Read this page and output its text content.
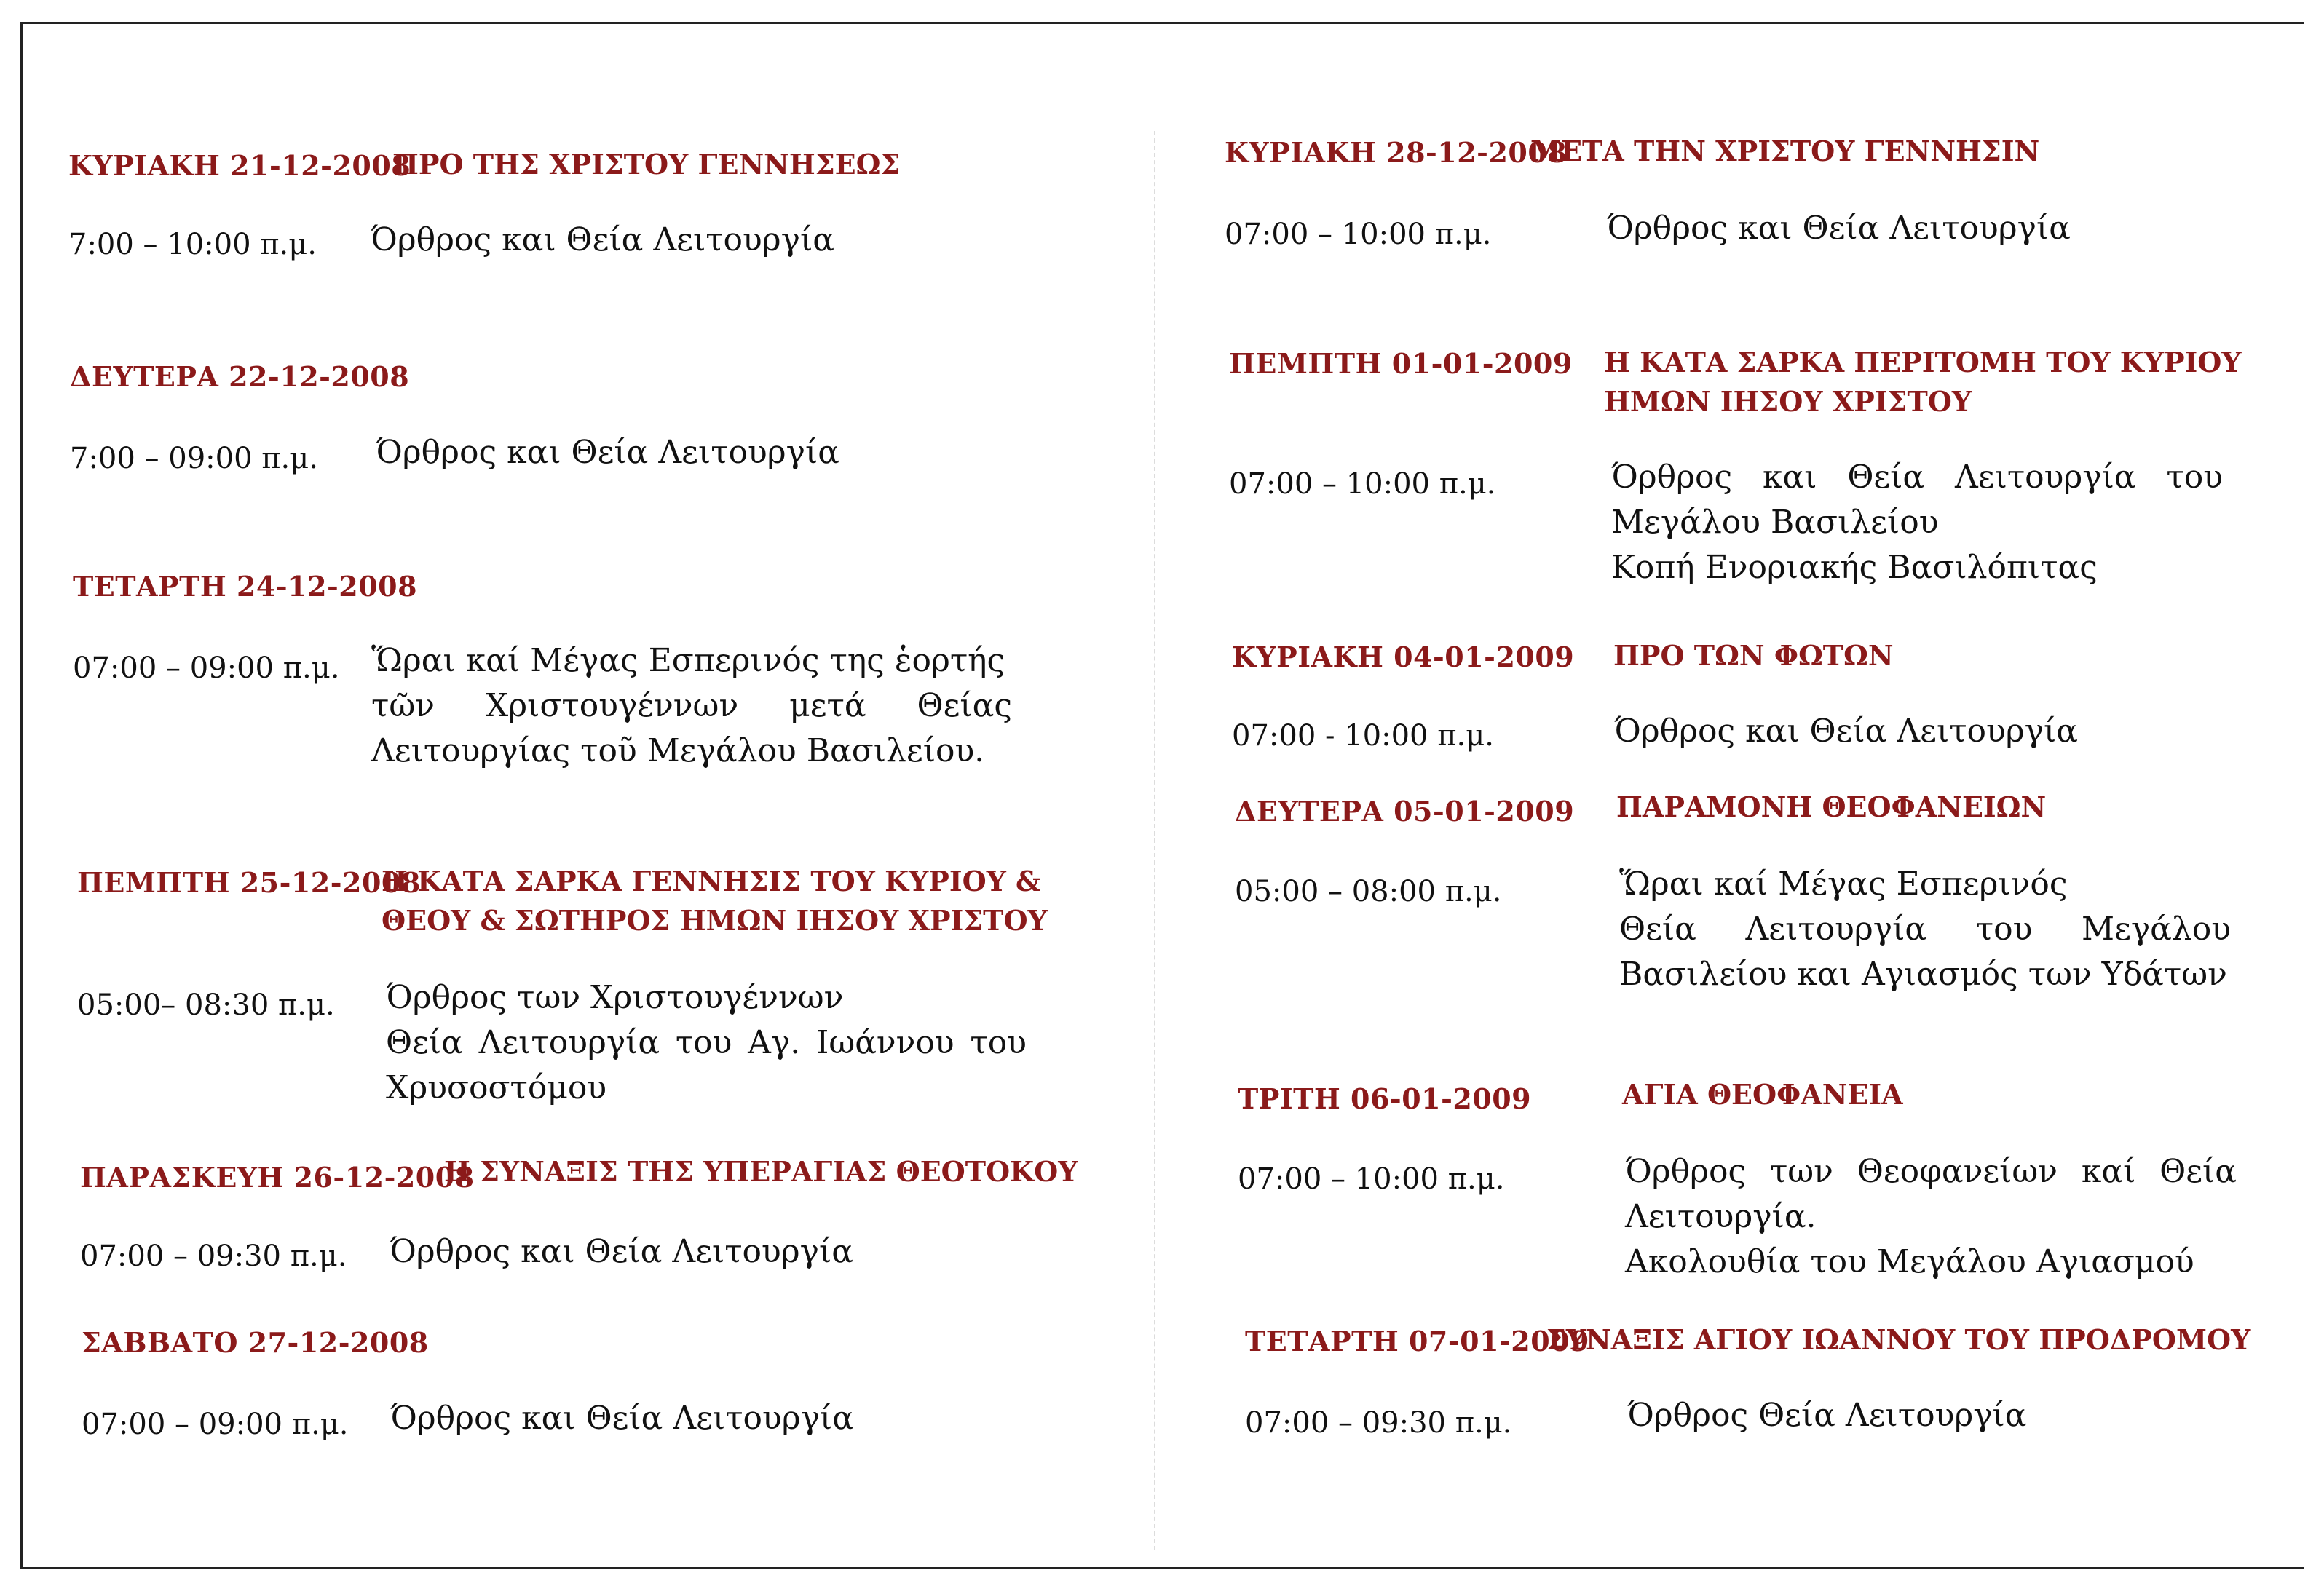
ΚΥΡΙΑΚΗ 21-12-2008
ΠΡΟ ΤΗΣ ΧΡΙΣΤΟΥ ΓΕΝΝΗΣΕΩΣ
7:00 – 10:00 π.μ. Όρθρος και Θεία Λειτουργία
ΔΕΥΤΕΡΑ 22-12-2008
7:00 – 09:00 π.μ. Όρθρος και Θεία Λειτουργία
ΤΕΤΑΡΤΗ 24-12-2008
07:00 – 09:00 π.μ. Ὥραι καί Μέγας Εσπερινός της ἑορτής
τῶν Χριστουγέννων μετά Θείας
Λειτουργίας τοῦ Μεγάλου Βασιλείου.
ΠΕΜΠΤΗ 25-12-2008
Η ΚΑΤΑ ΣΑΡΚΑ ΓΕΝΝΗΣΙΣ ΤΟΥ ΚΥΡΙΟΥ &
ΘΕΟΥ & ΣΩΤΗΡΟΣ ΗΜΩΝ ΙΗΣΟΥ ΧΡΙΣΤΟΥ
05:00– 08:30 π.μ. Όρθρος των Χριστουγέννων
Θεία Λειτουργία του Αγ. Ιωάννου του
Χρυσοστόμου
ΠΑΡΑΣΚΕΥΗ 26-12-2008
Η ΣΥΝΑΞΙΣ ΤΗΣ ΥΠΕΡΑΓΙΑΣ ΘΕΟΤΟΚΟΥ
07:00 – 09:30 π.μ. Όρθρος και Θεία Λειτουργία
ΣΑΒΒΑΤΟ 27-12-2008
07:00 – 09:00 π.μ. Όρθρος και Θεία Λειτουργία
ΚΥΡΙΑΚΗ 28-12-2008
ΜΕΤΑ ΤΗΝ ΧΡΙΣΤΟΥ ΓΕΝΝΗΣΙΝ
07:00 – 10:00 π.μ.	Όρθρος και Θεία Λειτουργία
ΠΕΜΠΤΗ 01-01-2009 Η ΚΑΤΑ ΣΑΡΚΑ ΠΕΡΙΤΟΜΗ ΤΟΥ ΚΥΡΙΟΥ
ΗΜΩΝ ΙΗΣΟΥ ΧΡΙΣΤΟΥ
07:00 – 10:00 π.μ.	Όρθρος και Θεία Λειτουργία του
Μεγάλου Βασιλείου
Κοπή Ενοριακής Βασιλόπιτας
ΚΥΡΙΑΚΗ 04-01-2009 ΠΡΟ ΤΩΝ ΦΩΤΩΝ
07:00 - 10:00 π.μ.	Όρθρος και Θεία Λειτουργία
ΔΕΥΤΕΡΑ 05-01-2009 ΠΑΡΑΜΟΝΗ ΘΕΟΦΑΝΕΙΩΝ
05:00 – 08:00 π.μ.	Ὥραι καί Μέγας Εσπερινός
Θεία Λειτουργία του Μεγάλου
Βασιλείου και Αγιασμός των Υδάτων
ΤΡΙΤΗ 06-01-2009	ΑΓΙΑ ΘΕΟΦΑΝΕΙΑ
07:00 – 10:00 π.μ.	Όρθρος των Θεοφανείων καί Θεία
Λειτουργία.
Ακολουθία του Μεγάλου Αγιασμού
ΤΕΤΑΡΤΗ 07-01-2009
ΣΥΝΑΞΙΣ ΑΓΙΟΥ ΙΩΑΝΝΟΥ ΤΟΥ ΠΡΟΔΡΟΜΟΥ
07:00 – 09:30 π.μ.	Όρθρος Θεία Λειτουργία
